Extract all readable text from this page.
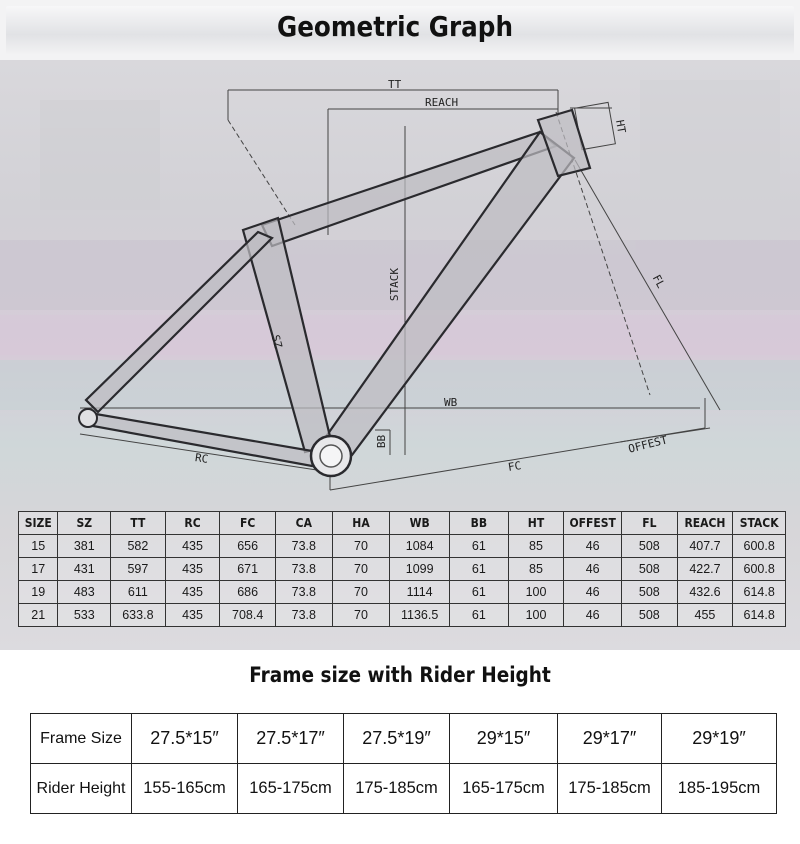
Geometric Graph
TT
REACH
HT
STACK
SZ
FL
WB
BB
RC
FC
OFFEST
SIZE	SZ	TT	RC	FC	CA	HA	WB	BB	HT	OFFEST	FL	REACH	STACK
15	381	582	435	656	73.8	70	1084	61	85	46	508	407.7	600.8
17	431	597	435	671	73.8	70	1099	61	85	46	508	422.7	600.8
19	483	611	435	686	73.8	70	1114	61	100	46	508	432.6	614.8
21	533	633.8	435	708.4	73.8	70	1136.5	61	100	46	508	455	614.8
Frame size with Rider Height
Frame Size	27.5*15″	27.5*17″	27.5*19″	29*15″	29*17″	29*19″
Rider Height	155-165cm	165-175cm	175-185cm	165-175cm	175-185cm	185-195cm
